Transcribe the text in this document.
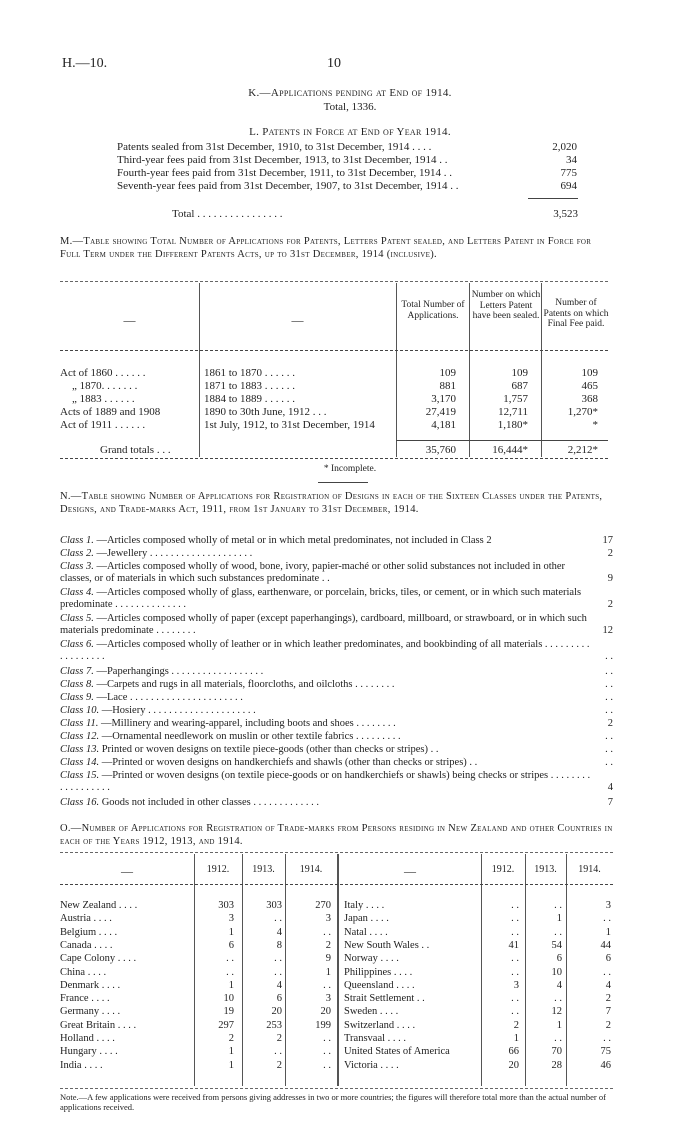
H.—10.	10
K.—Applications pending at End of 1914.
Total, 1336.
L. Patents in Force at End of Year 1914.
Patents sealed from 31st December, 1910, to 31st December, 1914 . . . .	2,020
Third-year fees paid from 31st December, 1913, to 31st December, 1914 . .	34
Fourth-year fees paid from 31st December, 1911, to 31st December, 1914 . .	775
Seventh-year fees paid from 31st December, 1907, to 31st December, 1914 . .	694
Total . . . . . . . . . . . . . . . .	3,523
M.—Table showing Total Number of Applications for Patents, Letters Patent sealed, and Letters Patent in Force for Full Term under the Different Patents Acts, up to 31st December, 1914 (inclusive).
—	—
Total Number of Applications.
Number on which Letters Patent have been sealed.
Number of Patents on which Final Fee paid.
Act of 1860 . . . . . .	1861 to 1870 . . . . . .	109	109	109
„ 1870. . . . . . .	1871 to 1883 . . . . . .	881	687	465
„ 1883 . . . . . .	1884 to 1889 . . . . . .	3,170	1,757	368
Acts of 1889 and 1908	1890 to 30th June, 1912 . . .	27,419	12,711	1,270*
Act of 1911 . . . . . .	1st July, 1912, to 31st December, 1914	4,181	1,180*	*
Grand totals . . .	35,760	16,444*	2,212*
* Incomplete.
N.—Table showing Number of Applications for Registration of Designs in each of the Sixteen Classes under the Patents, Designs, and Trade-marks Act, 1911, from 1st January to 31st December, 1914.
Class 1. —Articles composed wholly of metal or in which metal predominates, not included in Class 2	17
Class 2. —Jewellery . . . . . . . . . . . . . . . . . . . .	2
Class 3. —Articles composed wholly of wood, bone, ivory, papier-maché or other solid substances not included in other classes, or of materials in which such substances predominate . .	9
Class 4. —Articles composed wholly of glass, earthenware, or porcelain, bricks, tiles, or cement, or in which such materials predominate . . . . . . . . . . . . . .	2
Class 5. —Articles composed wholly of paper (except paperhangings), cardboard, millboard, or strawboard, or in which such materials predominate . . . . . . . .	12
Class 6. —Articles composed wholly of leather or in which leather predominates, and bookbinding of all materials . . . . . . . . . . . . . . . . . .	. .
Class 7. —Paperhangings . . . . . . . . . . . . . . . . . .	. .
Class 8. —Carpets and rugs in all materials, floorcloths, and oilcloths . . . . . . . .	. .
Class 9. —Lace . . . . . . . . . . . . . . . . . . . . . .	. .
Class 10. —Hosiery . . . . . . . . . . . . . . . . . . . . .	. .
Class 11. —Millinery and wearing-apparel, including boots and shoes . . . . . . . .	2
Class 12. —Ornamental needlework on muslin or other textile fabrics . . . . . . . . .	. .
Class 13. Printed or woven designs on textile piece-goods (other than checks or stripes) . .	. .
Class 14. —Printed or woven designs on handkerchiefs and shawls (other than checks or stripes) . .	. .
Class 15. —Printed or woven designs (on textile piece-goods or on handkerchiefs or shawls) being checks or stripes . . . . . . . . . . . . . . . . . .	4
Class 16. Goods not included in other classes . . . . . . . . . . . . .	7
O.—Number of Applications for Registration of Trade-marks from Persons residing in New Zealand and other Countries in each of the Years 1912, 1913, and 1914.
—	1912.	1913.	1914.	—	1912.	1913.	1914.
New Zealand . . . .	303	303	270
Austria . . . .	3	. .	3
Belgium . . . .	1	4	. .
Canada . . . .	6	8	2
Cape Colony . . . .	. .	. .	9
China . . . .	. .	. .	1
Denmark . . . .	1	4	. .
France . . . .	10	6	3
Germany . . . .	19	20	20
Great Britain . . . .	297	253	199
Holland . . . .	2	2	. .
Hungary . . . .	1	. .	. .
India . . . .	1	2	. .
Italy . . . .	. .	. .	3
Japan . . . .	. .	1	. .
Natal . . . .	. .	. .	1
New South Wales . .	41	54	44
Norway . . . .	. .	6	6
Philippines . . . .	. .	10	. .
Queensland . . . .	3	4	4
Strait Settlement . .	. .	. .	2
Sweden . . . .	. .	12	7
Switzerland . . . .	2	1	2
Transvaal . . . .	1	. .	. .
United States of America	66	70	75
Victoria . . . .	20	28	46
Note.—A few applications were received from persons giving addresses in two or more countries; the figures will therefore total more than the actual number of applications received.
